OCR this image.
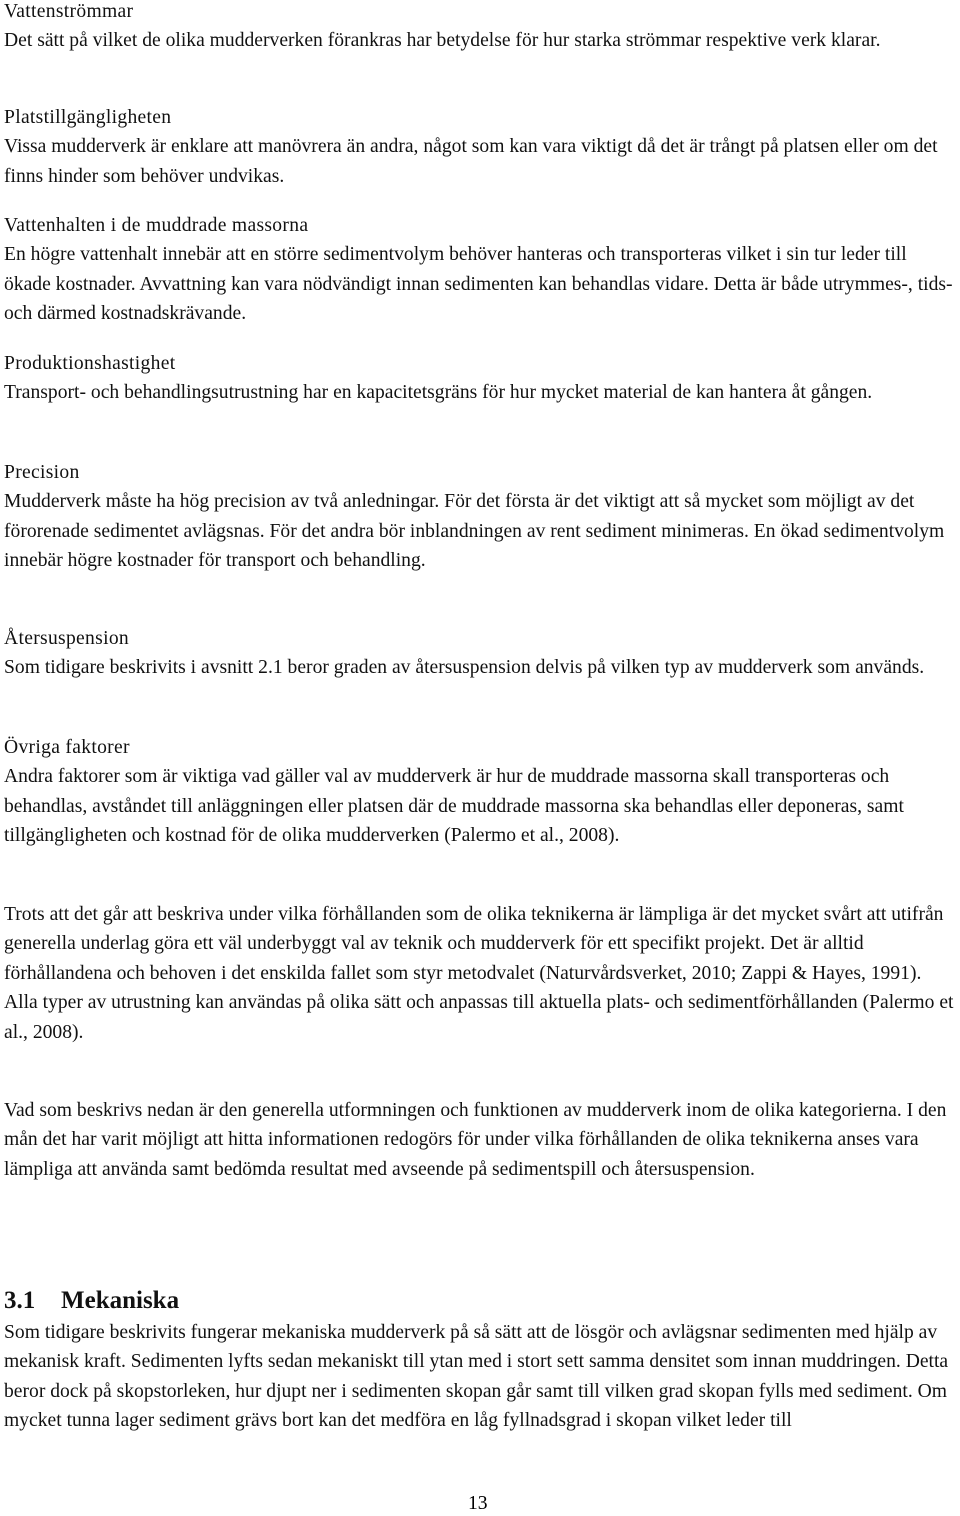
Vattenströmmar
Det sätt på vilket de olika mudderverken förankras har betydelse för hur starka strömmar respektive verk klarar.
Platstillgängligheten
Vissa mudderverk är enklare att manövrera än andra, något som kan vara viktigt då det är trångt på platsen eller om det finns hinder som behöver undvikas.
Vattenhalten i de muddrade massorna
En högre vattenhalt innebär att en större sedimentvolym behöver hanteras och transporteras vilket i sin tur leder till ökade kostnader. Avvattning kan vara nödvändigt innan sedimenten kan behandlas vidare. Detta är både utrymmes-, tids- och därmed kostnadskrävande.
Produktionshastighet
Transport- och behandlingsutrustning har en kapacitetsgräns för hur mycket material de kan hantera åt gången.
Precision
Mudderverk måste ha hög precision av två anledningar. För det första är det viktigt att så mycket som möjligt av det förorenade sedimentet avlägsnas. För det andra bör inblandningen av rent sediment minimeras. En ökad sedimentvolym innebär högre kostnader för transport och behandling.
Återsuspension
Som tidigare beskrivits i avsnitt 2.1 beror graden av återsuspension delvis på vilken typ av mudderverk som används.
Övriga faktorer
Andra faktorer som är viktiga vad gäller val av mudderverk är hur de muddrade massorna skall transporteras och behandlas, avståndet till anläggningen eller platsen där de muddrade massorna ska behandlas eller deponeras, samt tillgängligheten och kostnad för de olika mudderverken (Palermo et al., 2008).

Trots att det går att beskriva under vilka förhållanden som de olika teknikerna är lämpliga är det mycket svårt att utifrån generella underlag göra ett väl underbyggt val av teknik och mudderverk för ett specifikt projekt. Det är alltid förhållandena och behoven i det enskilda fallet som styr metodvalet (Naturvårdsverket, 2010; Zappi & Hayes, 1991). Alla typer av utrustning kan användas på olika sätt och anpassas till aktuella plats- och sedimentförhållanden (Palermo et al., 2008).

Vad som beskrivs nedan är den generella utformningen och funktionen av mudderverk inom de olika kategorierna. I den mån det har varit möjligt att hitta informationen redogörs för under vilka förhållanden de olika teknikerna anses vara lämpliga att använda samt bedömda resultat med avseende på sedimentspill och återsuspension.

3.1 Mekaniska

Som tidigare beskrivits fungerar mekaniska mudderverk på så sätt att de lösgör och avlägsnar sedimenten med hjälp av mekanisk kraft. Sedimenten lyfts sedan mekaniskt till ytan med i stort sett samma densitet som innan muddringen. Detta beror dock på skopstorleken, hur djupt ner i sedimenten skopan går samt till vilken grad skopan fylls med sediment. Om mycket tunna lager sediment grävs bort kan det medföra en låg fyllnadsgrad i skopan vilket leder till

13
